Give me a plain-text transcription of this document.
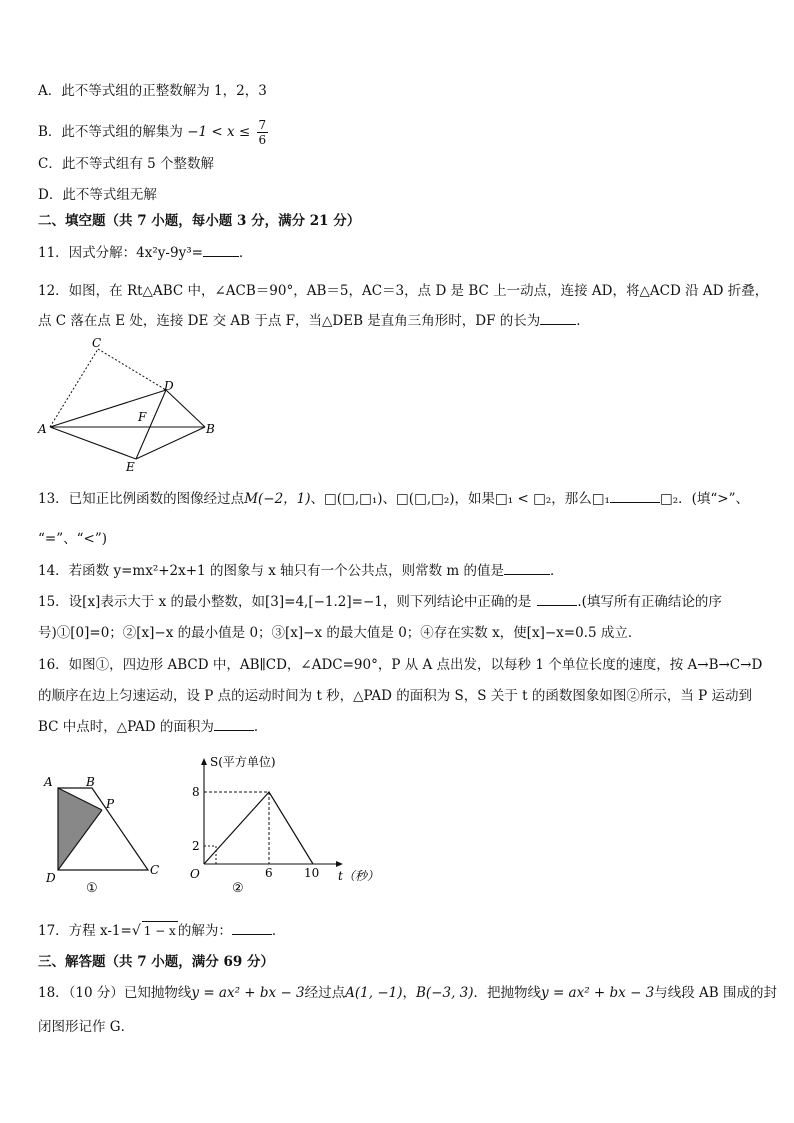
A．此不等式组的正整数解为 1，2，3
B．此不等式组的解集为 $-1 < x \le \frac{7}{6}$
C．此不等式组有 5 个整数解
D．此不等式组无解
二、填空题（共 7 小题，每小题 3 分，满分 21 分）
11．因式分解：4x²y-9y³=	．
12．如图，在 Rt△ABC 中，∠ACB＝90°，AB＝5，AC＝3，点 D 是 BC 上一动点，连接 AD，将△ACD 沿 AD 折叠，
点 C 落在点 E 处，连接 DE 交 AB 于点 F，当△DEB 是直角三角形时，DF 的长为	．
C
D
A
F
B
E
13．已知正比例函数的图像经过点M(−2，1)、□(□,□₁)、□(□,□₂)，如果□₁ < □₂，那么□₁	□₂．(填“>”、
“=”、“<”)
14．若函数 y=mx²+2x+1 的图象与 x 轴只有一个公共点，则常数 m 的值是	．
15．设[x]表示大于 x 的最小整数，如[3]=4,[−1.2]=−1，则下列结论中正确的是	.(填写所有正确结论的序
号)①[0]=0；②[x]−x 的最小值是 0；③[x]−x 的最大值是 0；④存在实数 x，使[x]−x=0.5 成立．
16．如图①，四边形 ABCD 中，AB∥CD，∠ADC=90°，P 从 A 点出发，以每秒 1 个单位长度的速度，按 A→B→C→D
的顺序在边上匀速运动，设 P 点的运动时间为 t 秒，△PAD 的面积为 S，S 关于 t 的函数图象如图②所示，当 P 运动到
BC 中点时，△PAD 的面积为	．
A	B
P
D
C
①
S(平方单位)
8
2
O	6	10 t（秒）
②
17．方程 x-1=√ 1 − x 的解为：	．
三、解答题（共 7 小题，满分 69 分）
18．（10 分）已知抛物线y = ax² + bx − 3经过点A(1, −1)，B(−3, 3)．把抛物线y = ax² + bx − 3与线段 AB 围成的封
闭图形记作 G．
